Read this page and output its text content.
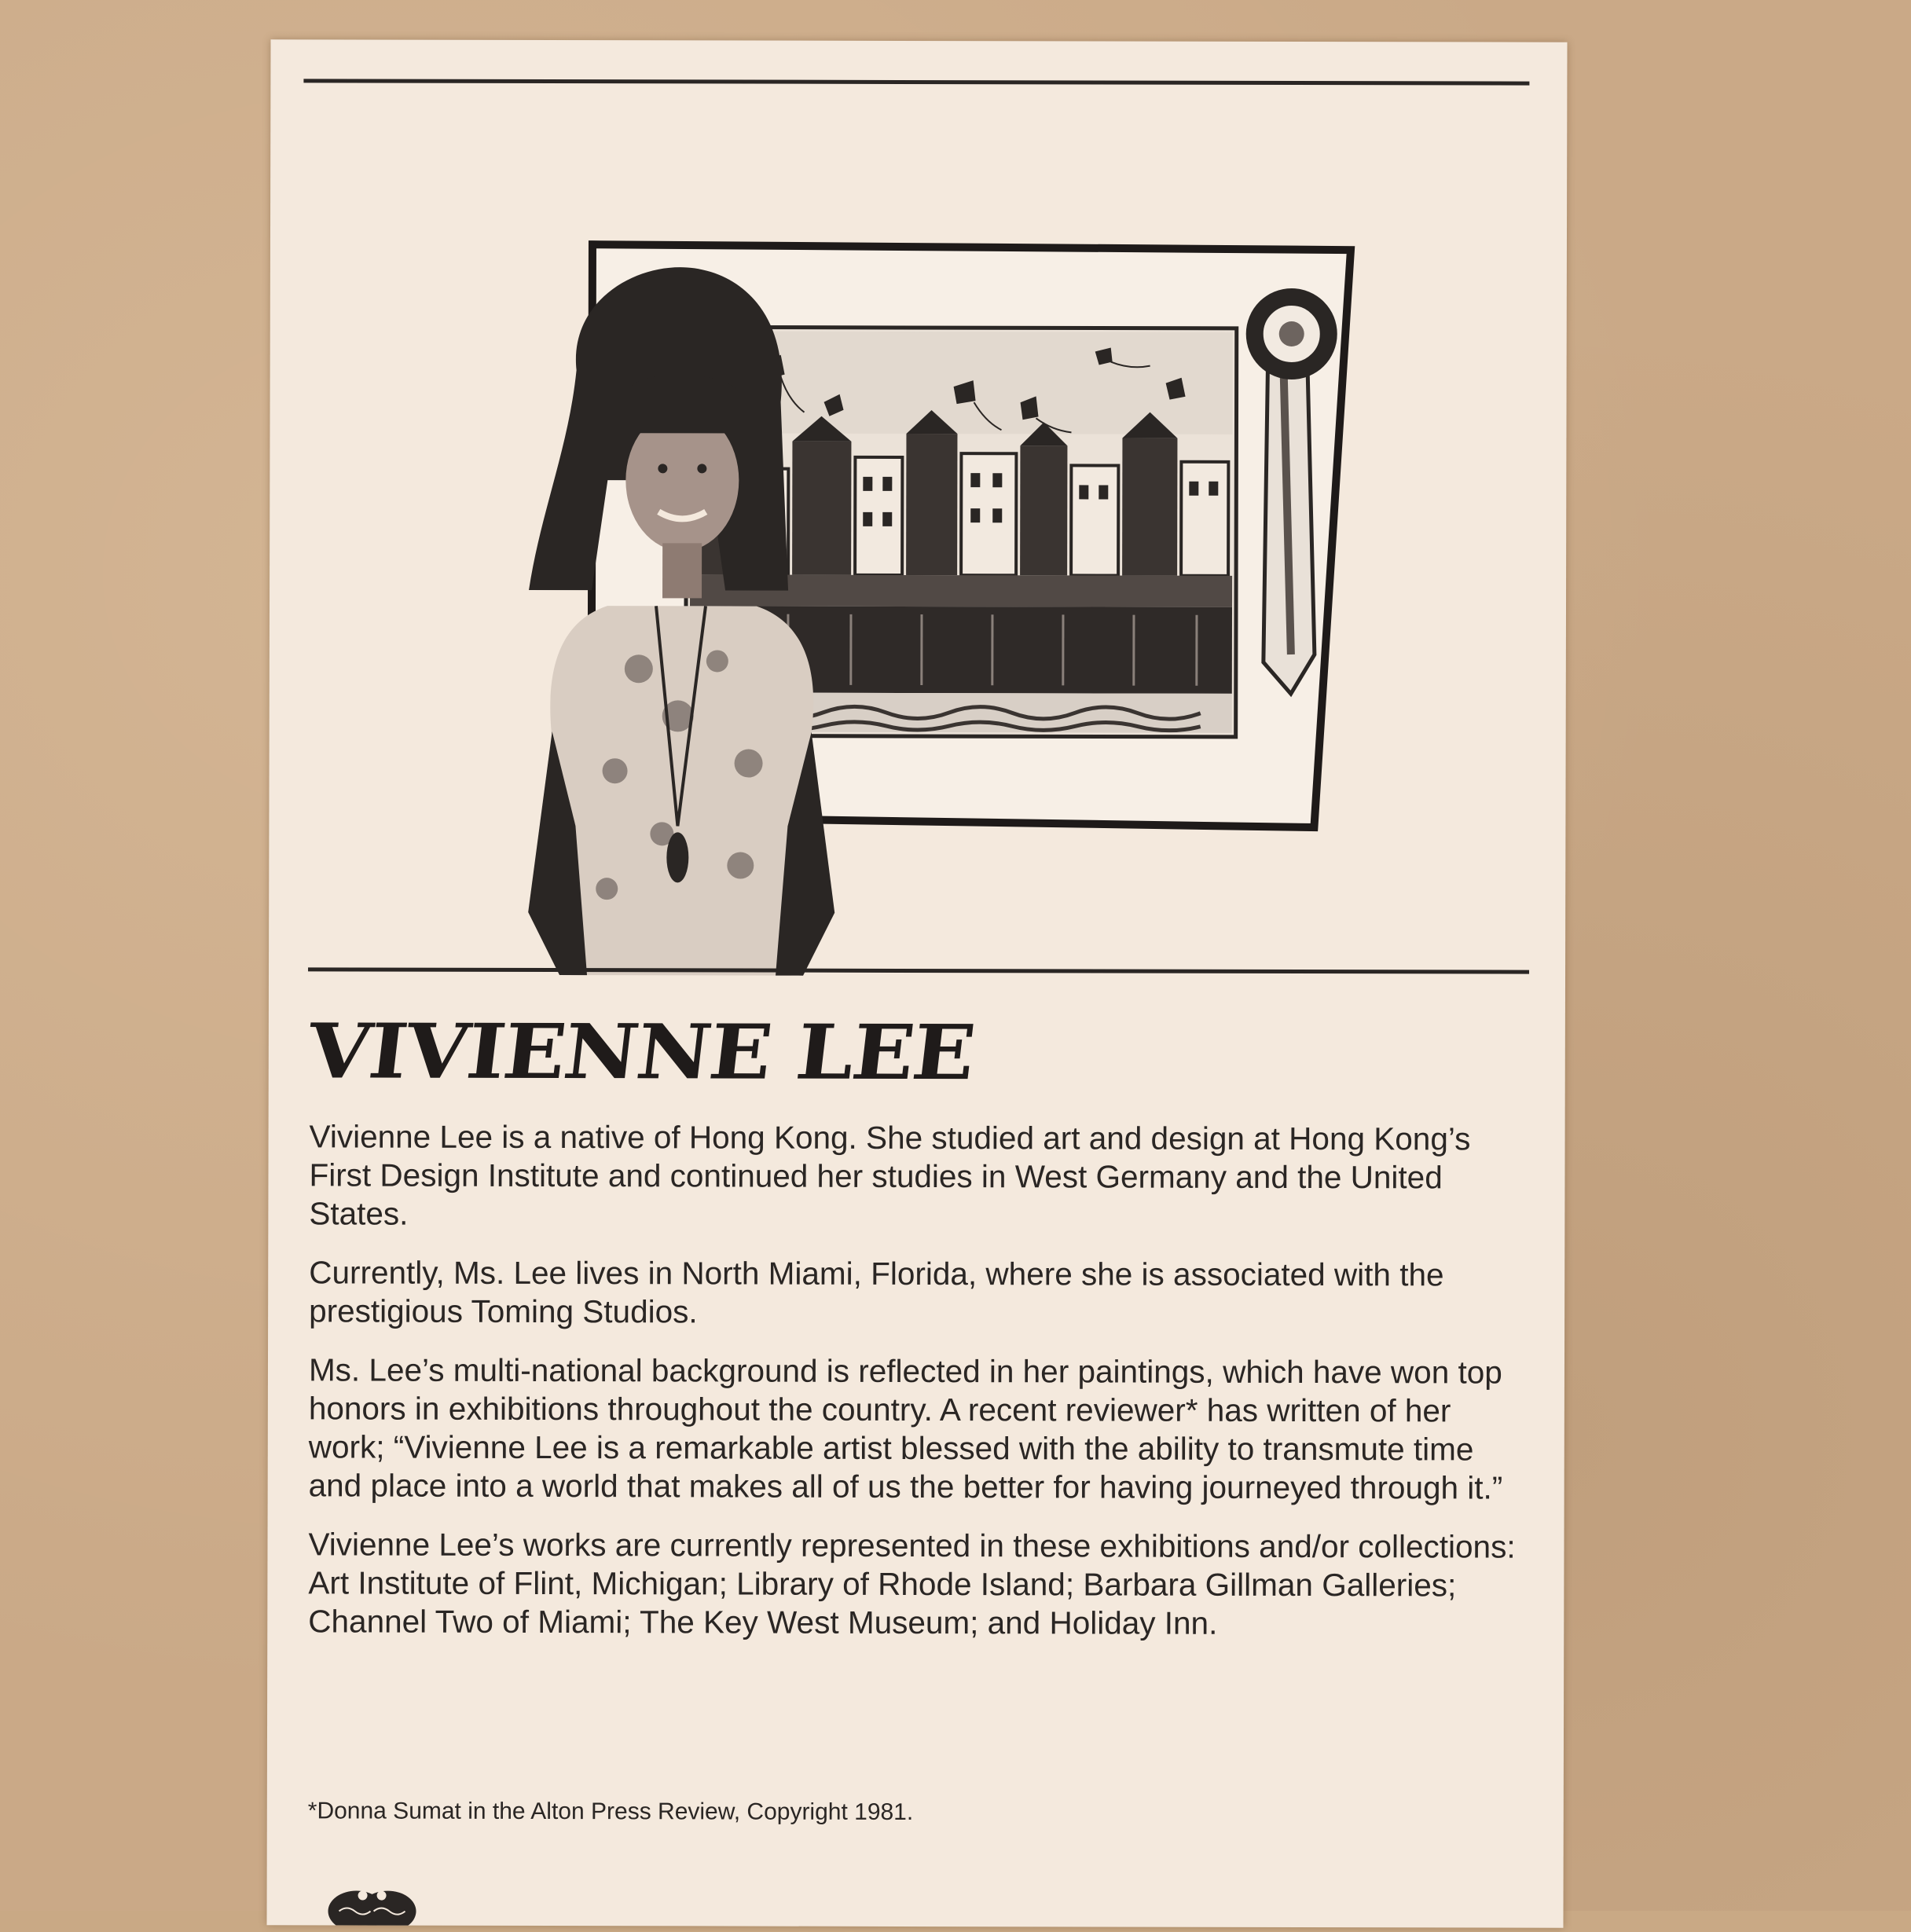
VIVIENNE LEE

Vivienne Lee is a native of Hong Kong. She studied art and design at Hong Kong’s First Design Institute and continued her studies in West Germany and the United States.

Currently, Ms. Lee lives in North Miami, Florida, where she is associated with the prestigious Toming Studios.

Ms. Lee’s multi-national background is reflected in her paintings, which have won top honors in exhibitions throughout the country. A recent reviewer* has written of her work; “Vivienne Lee is a remarkable artist blessed with the ability to transmute time and place into a world that makes all of us the better for having journeyed through it.”

Vivienne Lee’s works are currently represented in these exhibitions and/or collections: Art Institute of Flint, Michigan; Library of Rhode Island; Barbara Gillman Galleries; Channel Two of Miami; The Key West Museum; and Holiday Inn.

*Donna Sumat in the Alton Press Review, Copyright 1981.
